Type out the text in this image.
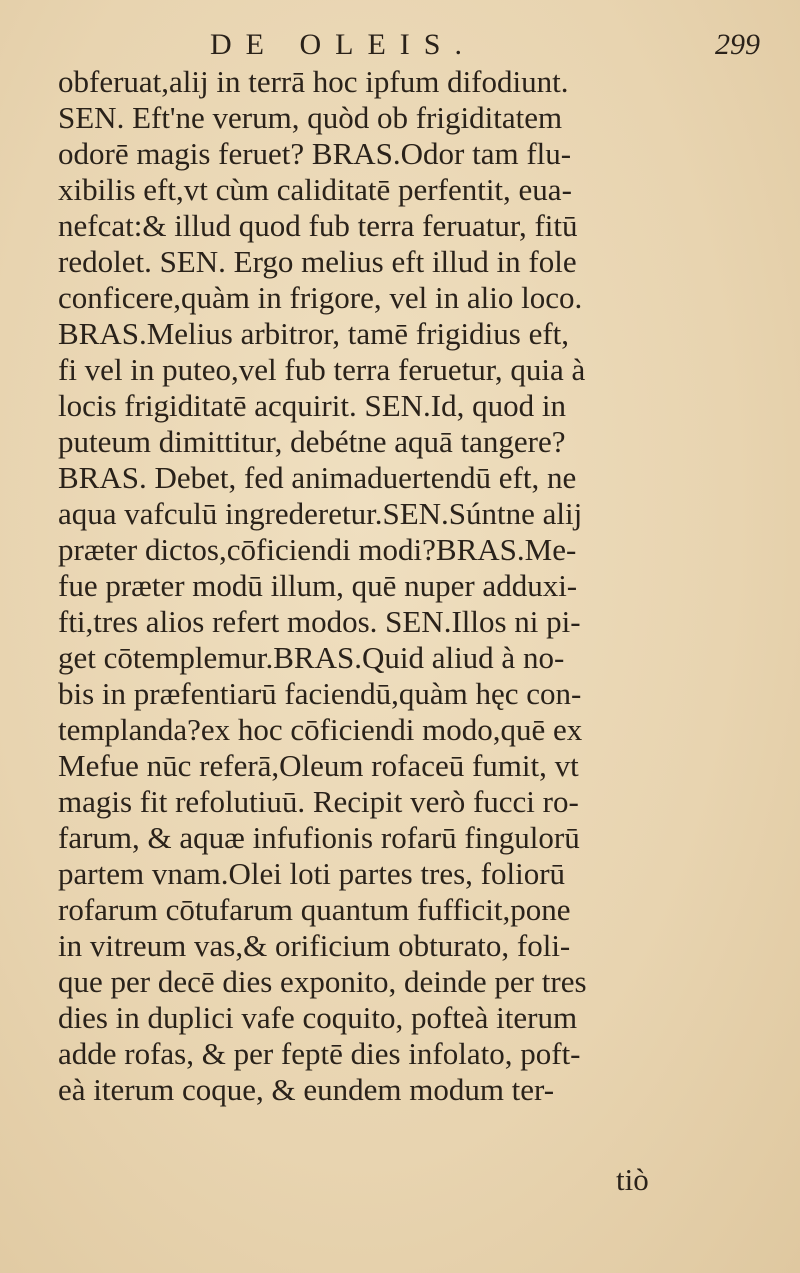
DE OLEIS.	299
obferuat,alij in terrā hoc ipfum difodiunt.
SEN. Eft'ne verum, quòd ob frigiditatem
odorē magis feruet? BRAS.Odor tam flu-
xibilis eft,vt cùm caliditatē perfentit, eua-
nefcat:& illud quod fub terra feruatur, fitū
redolet. SEN. Ergo melius eft illud in fole
conficere,quàm in frigore, vel in alio loco.
BRAS.Melius arbitror, tamē frigidius eft,
fi vel in puteo,vel fub terra feruetur, quia à
locis frigiditatē acquirit. SEN.Id, quod in
puteum dimittitur, debétne aquā tangere?
BRAS. Debet, fed animaduertendū eft, ne
aqua vafculū ingrederetur.SEN.Súntne alij
præter dictos,cōficiendi modi?BRAS.Me-
fue præter modū illum, quē nuper adduxi-
fti,tres alios refert modos. SEN.Illos ni pi-
get cōtemplemur.BRAS.Quid aliud à no-
bis in præfentiarū faciendū,quàm hęc con-
templanda?ex hoc cōficiendi modo,quē ex
Mefue nūc referā,Oleum rofaceū fumit, vt
magis fit refolutiuū. Recipit verò fucci ro-
farum, & aquæ infufionis rofarū fingulorū
partem vnam.Olei loti partes tres, foliorū
rofarum cōtufarum quantum fufficit,pone
in vitreum vas,& orificium obturato, foli-
que per decē dies exponito, deinde per tres
dies in duplici vafe coquito, pofteà iterum
adde rofas, & per feptē dies infolato, poft-
eà iterum coque, & eundem modum ter-
tiò
